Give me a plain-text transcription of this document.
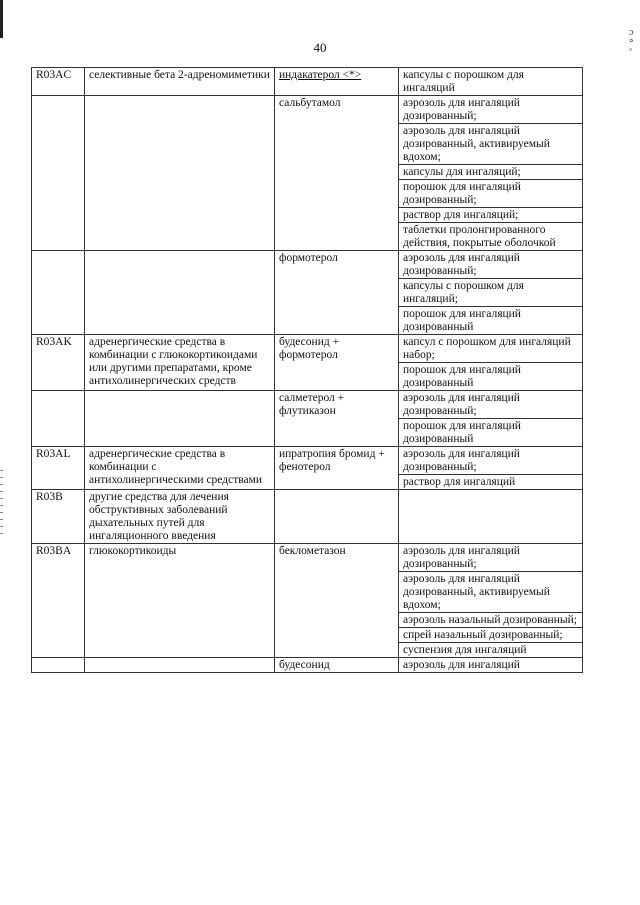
40
ɔ
∘
◦
R03AC	селективные бета 2-адреномиметики	индакатерол <*>	капсулы с порошком для ингаляций
		сальбутамол	аэрозоль для ингаляций дозированный;
			аэрозоль для ингаляций дозированный, активируемый вдохом;
			капсулы для ингаляций;
			порошок для ингаляций дозированный;
			раствор для ингаляций;
			таблетки пролонгированного действия, покрытые оболочкой
		формотерол	аэрозоль для ингаляций дозированный;
			капсулы с порошком для ингаляций;
			порошок для ингаляций дозированный
R03AK	адренергические средства в комбинации с глюкокортикоидами или другими препаратами, кроме антихолинергических средств	будесонид + формотерол	капсул с порошком для ингаляций набор;
			порошок для ингаляций дозированный
		салметерол + флутиказон	аэрозоль для ингаляций дозированный;
			порошок для ингаляций дозированный
R03AL	адренергические средства в комбинации с антихолинергическими средствами	ипратропия бромид + фенотерол	аэрозоль для ингаляций дозированный;
			раствор для ингаляций
R03B	другие средства для лечения обструктивных заболеваний дыхательных путей для ингаляционного введения		
R03BA	глюкокортикоиды	беклометазон	аэрозоль для ингаляций дозированный;
			аэрозоль для ингаляций дозированный, активируемый вдохом;
			аэрозоль назальный дозированный;
			спрей назальный дозированный;
			суспензия для ингаляций
		будесонид	аэрозоль для ингаляций
